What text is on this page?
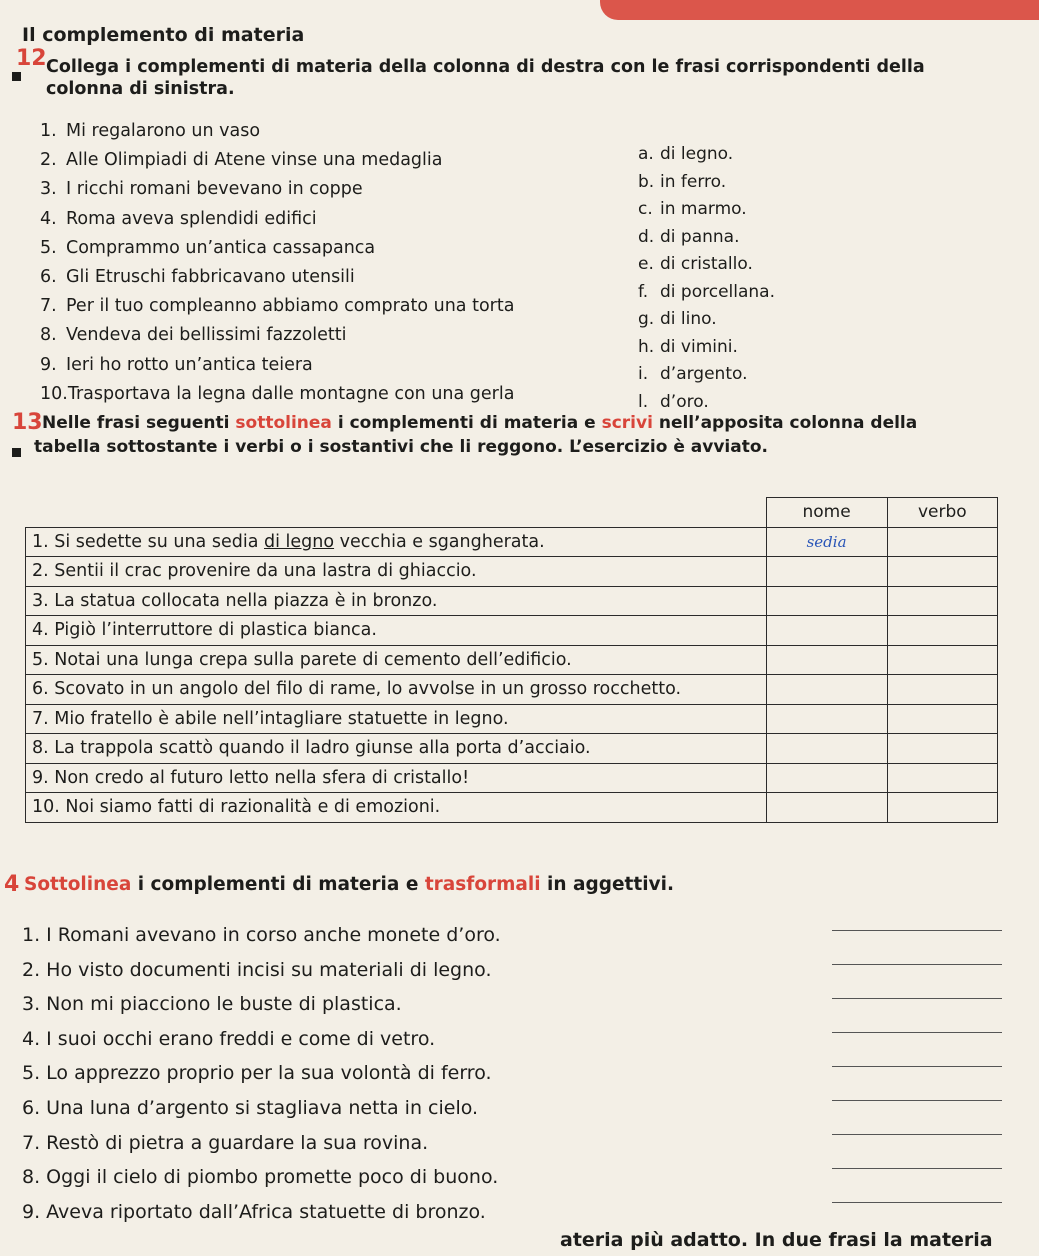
Il complemento di materia
12 Collega i complementi di materia della colonna di destra con le frasi corrispondenti della colonna di sinistra.
1. Mi regalarono un vaso
2. Alle Olimpiadi di Atene vinse una medaglia
3. I ricchi romani bevevano in coppe
4. Roma aveva splendidi edifici
5. Comprammo un’antica cassapanca
6. Gli Etruschi fabbricavano utensili
7. Per il tuo compleanno abbiamo comprato una torta
8. Vendeva dei bellissimi fazzoletti
9. Ieri ho rotto un’antica teiera
10.Trasportava la legna dalle montagne con una gerla
a. di legno.
b. in ferro.
c. in marmo.
d. di panna.
e. di cristallo.
f. di porcellana.
g. di lino.
h. di vimini.
i. d’argento.
l. d’oro.
13 Nelle frasi seguenti sottolinea i complementi di materia e scrivi nell’apposita colonna della
tabella sottostante i verbi o i sostantivi che li reggono. L’esercizio è avviato.
	nome	verbo
1. Si sedette su una sedia di legno vecchia e sgangherata.	sedia	
2. Sentii il crac provenire da una lastra di ghiaccio.		
3. La statua collocata nella piazza è in bronzo.		
4. Pigiò l’interruttore di plastica bianca.		
5. Notai una lunga crepa sulla parete di cemento dell’edificio.		
6. Scovato in un angolo del filo di rame, lo avvolse in un grosso rocchetto.		
7. Mio fratello è abile nell’intagliare statuette in legno.		
8. La trappola scattò quando il ladro giunse alla porta d’acciaio.		
9. Non credo al futuro letto nella sfera di cristallo!		
10. Noi siamo fatti di razionalità e di emozioni.		
4 Sottolinea i complementi di materia e trasformali in aggettivi.
1. I Romani avevano in corso anche monete d’oro.
2. Ho visto documenti incisi su materiali di legno.
3. Non mi piacciono le buste di plastica.
4. I suoi occhi erano freddi e come di vetro.
5. Lo apprezzo proprio per la sua volontà di ferro.
6. Una luna d’argento si stagliava netta in cielo.
7. Restò di pietra a guardare la sua rovina.
8. Oggi il cielo di piombo promette poco di buono.
9. Aveva riportato dall’Africa statuette di bronzo.
ateria più adatto. In due frasi la materia
